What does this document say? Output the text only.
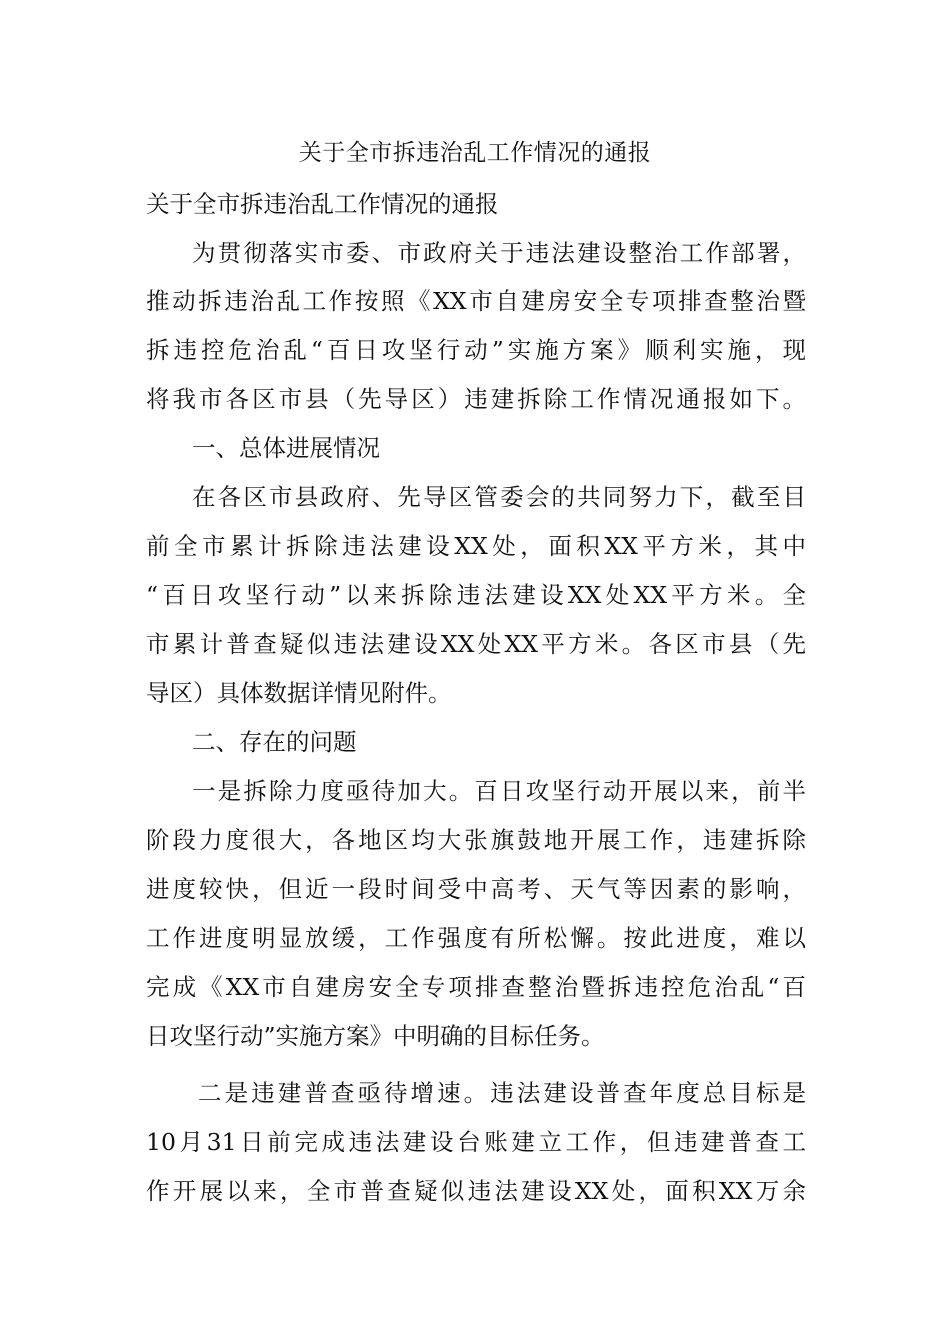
关于全市拆违治乱工作情况的通报
关于全市拆违治乱工作情况的通报
为贯彻落实市委、市政府关于违法建设整治工作部署，
推动拆违治乱工作按照《XX市自建房安全专项排查整治暨
拆违控危治乱“百日攻坚行动”实施方案》顺利实施，现
将我市各区市县（先导区）违建拆除工作情况通报如下。
一、总体进展情况
在各区市县政府、先导区管委会的共同努力下，截至目
前全市累计拆除违法建设XX处，面积XX平方米，其中
“百日攻坚行动”以来拆除违法建设XX处XX平方米。全
市累计普查疑似违法建设XX处XX平方米。各区市县（先
导区）具体数据详情见附件。
二、存在的问题
一是拆除力度亟待加大。百日攻坚行动开展以来，前半
阶段力度很大，各地区均大张旗鼓地开展工作，违建拆除
进度较快，但近一段时间受中高考、天气等因素的影响，
工作进度明显放缓，工作强度有所松懈。按此进度，难以
完成《XX市自建房安全专项排查整治暨拆违控危治乱“百
日攻坚行动”实施方案》中明确的目标任务。
二是违建普查亟待增速。违法建设普查年度总目标是
10月31日前完成违法建设台账建立工作，但违建普查工
作开展以来，全市普查疑似违法建设XX处，面积XX万余
